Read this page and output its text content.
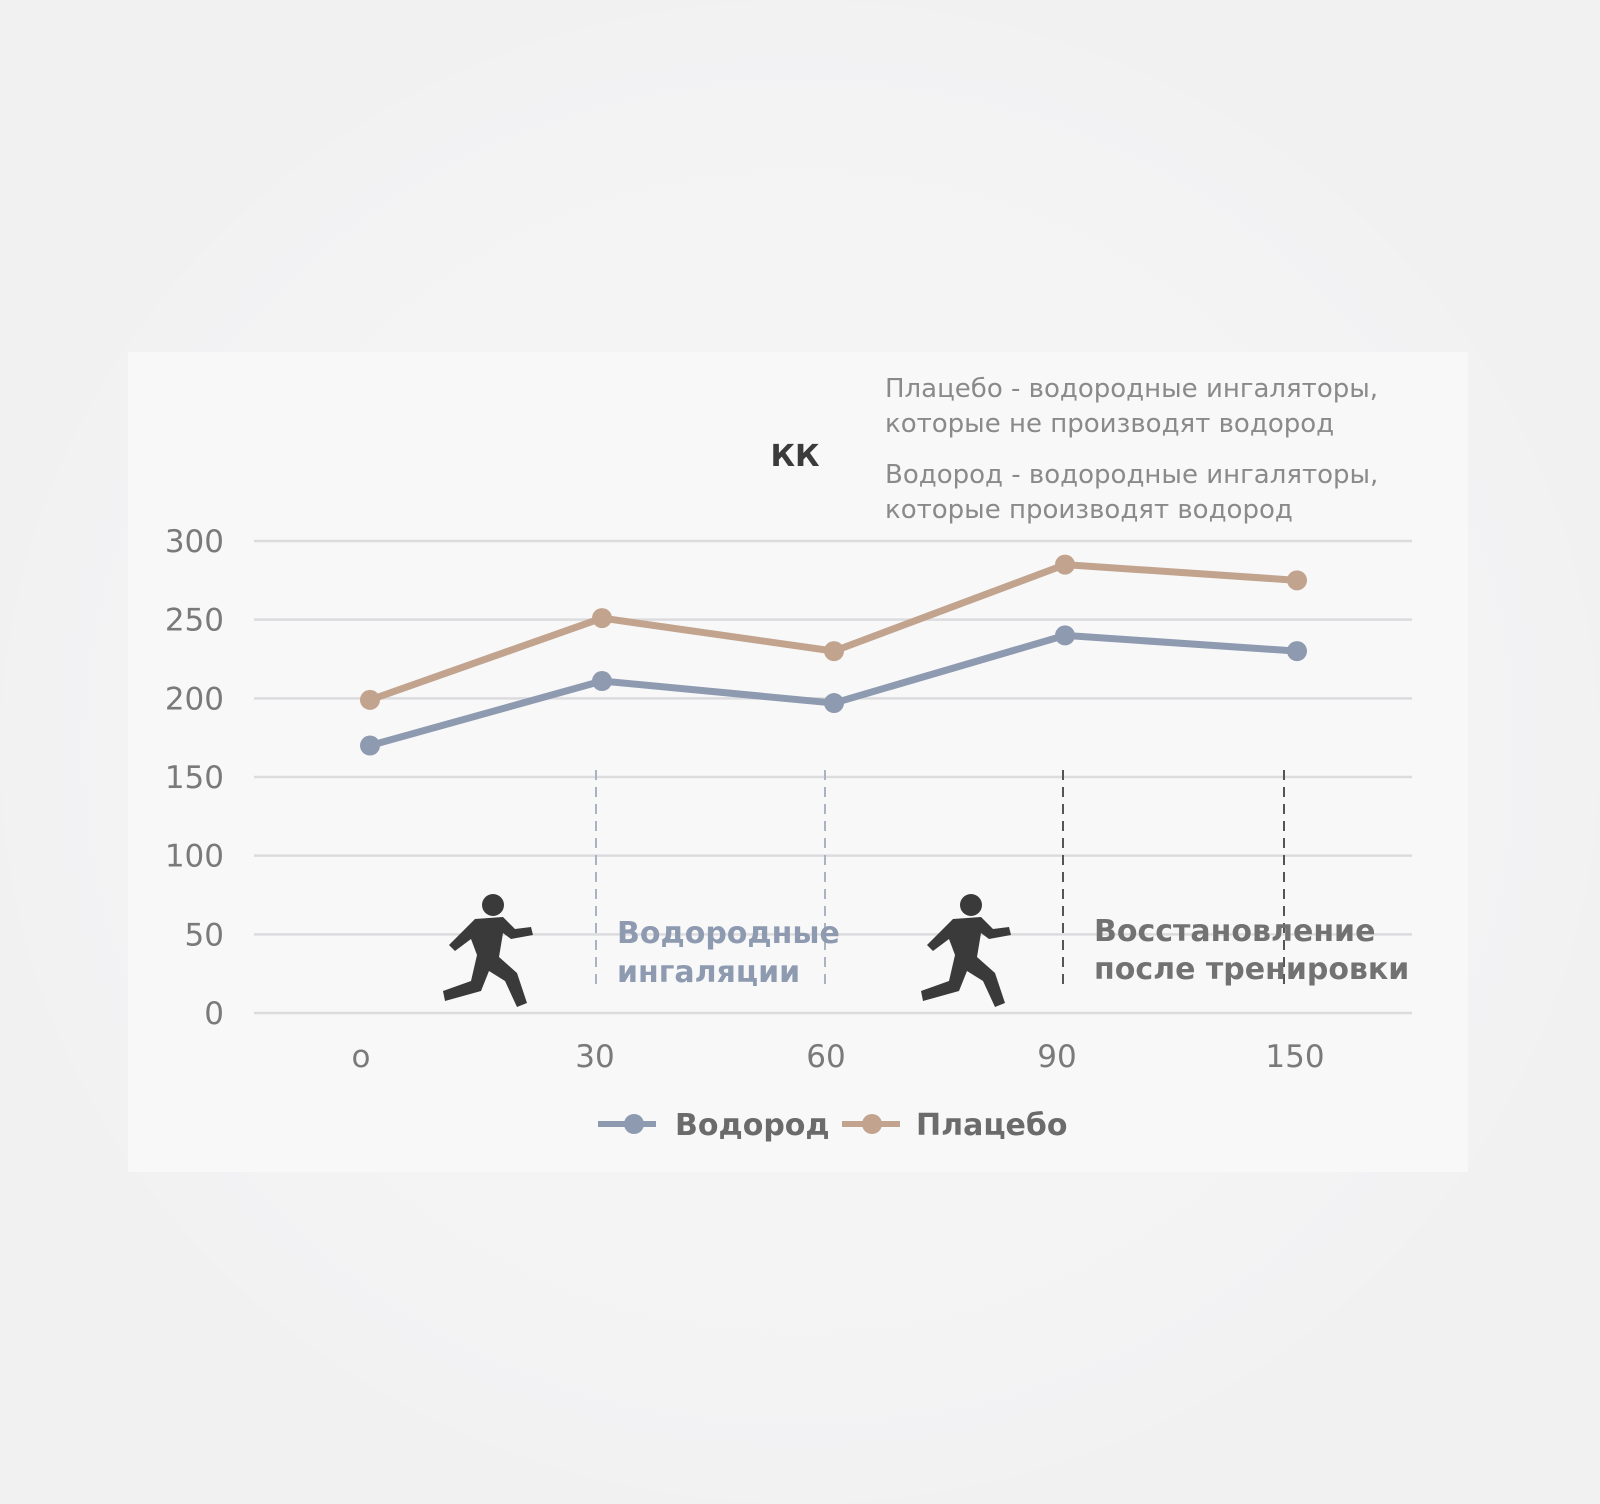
300
250
200
150
100
50
0
o	30	60	90	150
КК
Плацебо - водородные ингаляторы,
которые не производят водород
Водород - водородные ингаляторы,
которые производят водород
Водородные
ингаляции
Восстановление
после тренировки
Водород	Плацебо
